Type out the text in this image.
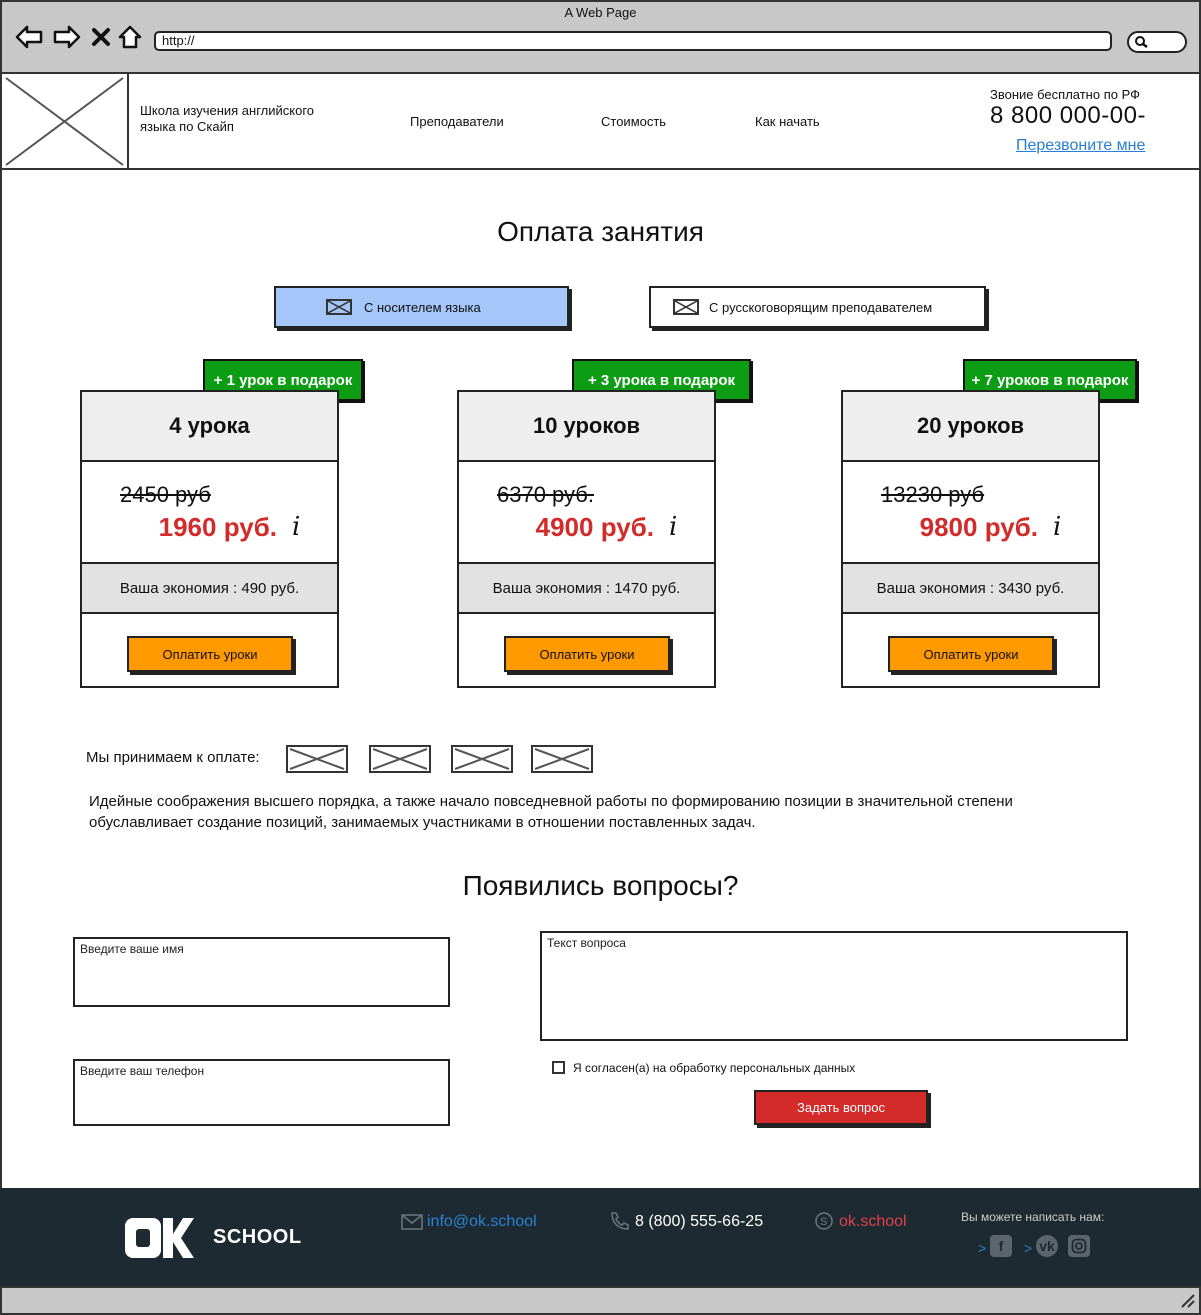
A Web Page
http://
Школа изучения английского языка по Скайп	Преподаватели	Стоимость	Как начать
Звоние бесплатно по РФ
8 800 000-00-
Перезвоните мне
Оплата занятия
С носителем языка	С русскоговорящим преподавателем
+ 1 урок в подарок
4 урока
2450 руб
1960 руб. i
Ваша экономия : 490 руб.
Оплатить уроки
+ 3 урока в подарок
10 уроков
6370 руб.
4900 руб. i
Ваша экономия : 1470 руб.
Оплатить уроки
+ 7 уроков в подарок
20 уроков
13230 руб
9800 руб. i
Ваша экономия : 3430 руб.
Оплатить уроки
Мы принимаем к оплате:
Идейные соображения высшего порядка, а также начало повседневной работы по формированию позиции в значительной степени обуславливает создание позиций, занимаемых участниками в отношении поставленных задач.
Появились вопросы?
Введите ваше имя
Введите ваш телефон
Текст вопроса
Я согласен(а) на обработку персональных данных
Задать вопрос
SCHOOL
info@ok.school	8 (800) 555-66-25	S ok.school	Вы можете написать нам:
> f	> vk
